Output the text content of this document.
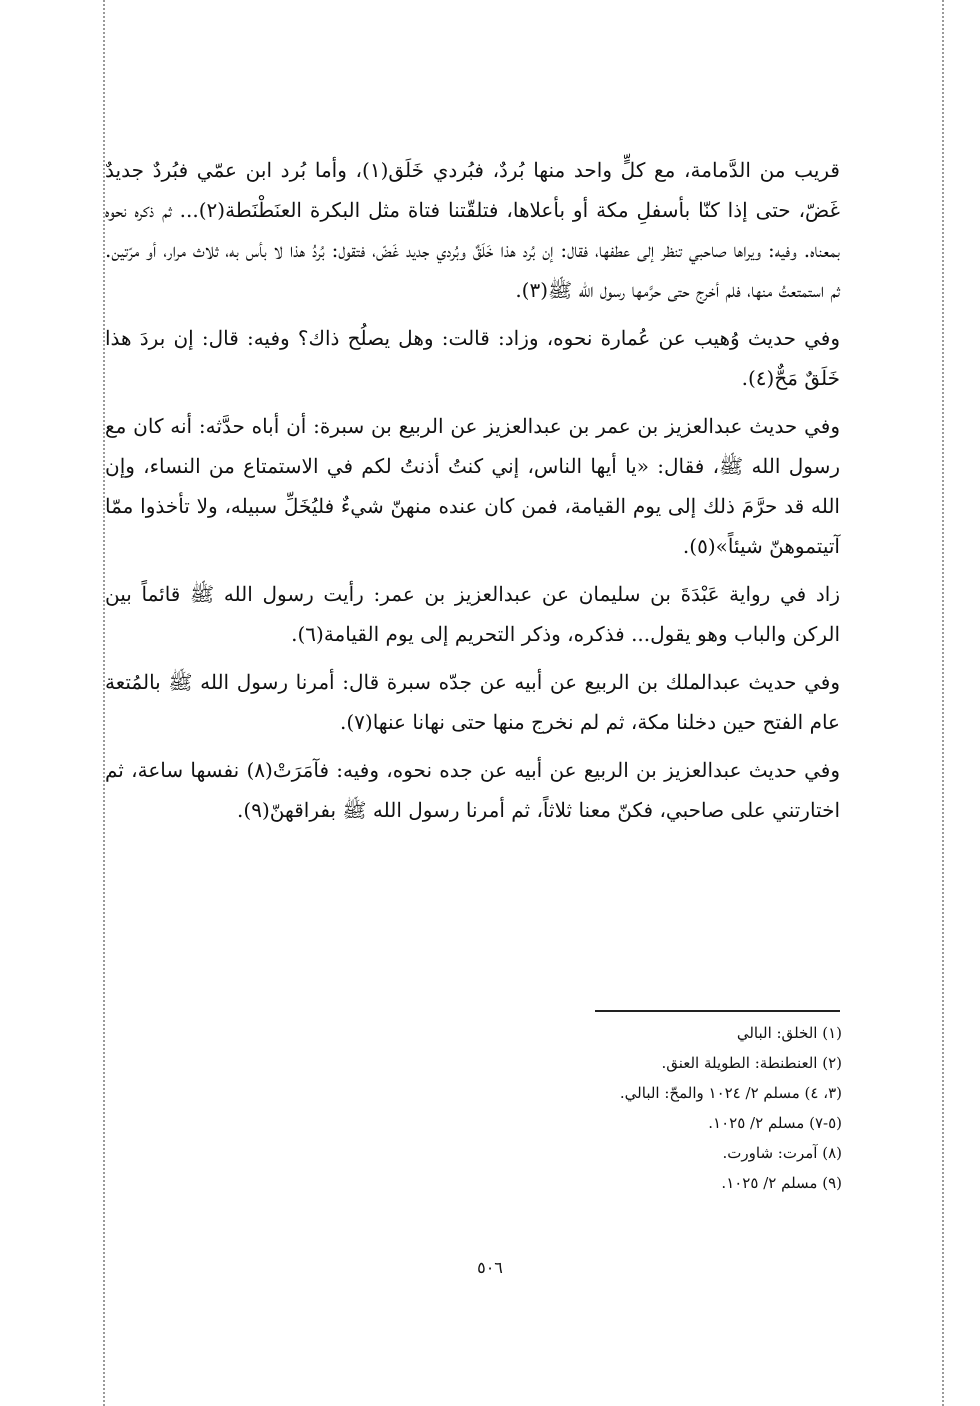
قريب من الدَّمامة، مع كلٍّ واحد منها بُردٌ، فبُردي خَلَق(١)، وأما بُرد ابن عمّي فبُردٌ جديدٌ غَضّ، حتى إذا كنّا بأسفلِ مكة أو بأعلاها، فتلقّتنا فتاة مثل البكرة العنَطْنَطة(٢)... ثم ذكره نحوه بمعناه. وفيه: ويراها صاحبي تنظر إلى عطفها، فقال: إن بُرد هذا خَلَقٌ وبُردي جديد غَضّ، فتقول: بُردُ هذا لا بأس به، ثلاث مرار، أو مرّتين. ثم استمتعتُ منها، فلم أخرج حتى حرَّمها رسول الله ﷺ(٣).

وفي حديث وُهيب عن عُمارة نحوه، وزاد: قالت: وهل يصلُح ذاك؟ وفيه: قال: إن بردَ هذا خَلَقٌ مَحٌّ(٤).

وفي حديث عبدالعزيز بن عمر بن عبدالعزيز عن الربيع بن سبرة: أن أباه حدَّثه: أنه كان مع رسول الله ﷺ، فقال: «يا أيها الناس، إني كنتُ أذنتُ لكم في الاستمتاع من النساء، وإن الله قد حرَّمَ ذلك إلى يوم القيامة، فمن كان عنده منهنّ شيءٌ فليُخَلِّ سبيله، ولا تأخذوا ممّا آتيتموهنّ شيئاً»(٥).

زاد في رواية عَبْدَةَ بن سليمان عن عبدالعزيز بن عمر: رأيت رسول الله ﷺ قائماً بين الركن والباب وهو يقول... فذكره، وذكر التحريم إلى يوم القيامة(٦).

وفي حديث عبدالملك بن الربيع عن أبيه عن جدّه سبرة قال: أمرنا رسول الله ﷺ بالمُتعة عام الفتح حين دخلنا مكة، ثم لم نخرج منها حتى نهانا عنها(٧).

وفي حديث عبدالعزيز بن الربيع عن أبيه عن جده نحوه، وفيه: فآمَرَتْ(٨) نفسها ساعة، ثم اختارتني على صاحبي، فكنّ معنا ثلاثاً، ثم أمرنا رسول الله ﷺ بفراقهنّ(٩).

(١) الخلق: البالي
(٢) العنطنطة: الطويلة العنق.
(٣، ٤) مسلم ٢/ ١٠٢٤ والمحّ: البالي.
(٥-٧) مسلم ٢/ ١٠٢٥.
(٨) آمرت: شاورت.
(٩) مسلم ٢/ ١٠٢٥.
٥٠٦
